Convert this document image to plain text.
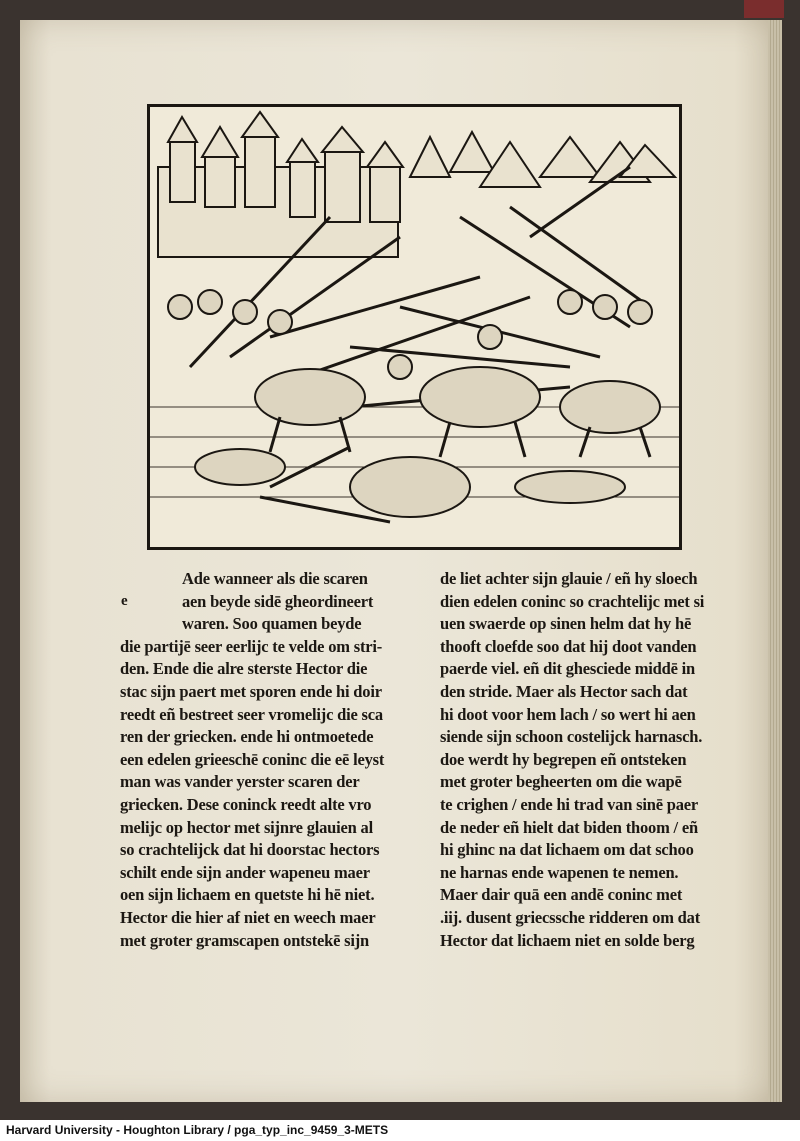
e
Ade wanneer als die scaren
aen beyde sidē gheordineert
waren. Soo quamen beyde
die partijē seer eerlijc te velde om stri-
den. Ende die alre sterste Hector die
stac sijn paert met sporen ende hi doir
reedt eñ bestreet seer vromelijc die sca
ren der griecken. ende hi ontmoetede
een edelen grieeschē coninc die eē leyst
man was vander yerster scaren der
griecken. Dese coninck reedt alte vro
melijc op hector met sijnre glauien al
so crachtelijck dat hi doorstac hectors
schilt ende sijn ander wapeneu maer
oen sijn lichaem en quetste hi hē niet.
Hector die hier af niet en weech maer
met groter gramscapen ontstekē sijn
de liet achter sijn glauie / eñ hy sloech
dien edelen coninc so crachtelijc met si
uen swaerde op sinen helm dat hy hē
thooft cloefde soo dat hij doot vanden
paerde viel. eñ dit ghesciede middē in
den stride. Maer als Hector sach dat
hi doot voor hem lach / so wert hi aen
siende sijn schoon costelijck harnasch.
doe werdt hy begrepen eñ ontsteken
met groter begheerten om die wapē
te crighen / ende hi trad van sinē paer
de neder eñ hielt dat biden thoom / eñ
hi ghinc na dat lichaem om dat schoo
ne harnas ende wapenen te nemen.
Maer dair quā een andē coninc met
.iij. dusent griecssche ridderen om dat
Hector dat lichaem niet en solde berg
Harvard University - Houghton Library / pga_typ_inc_9459_3-METS
